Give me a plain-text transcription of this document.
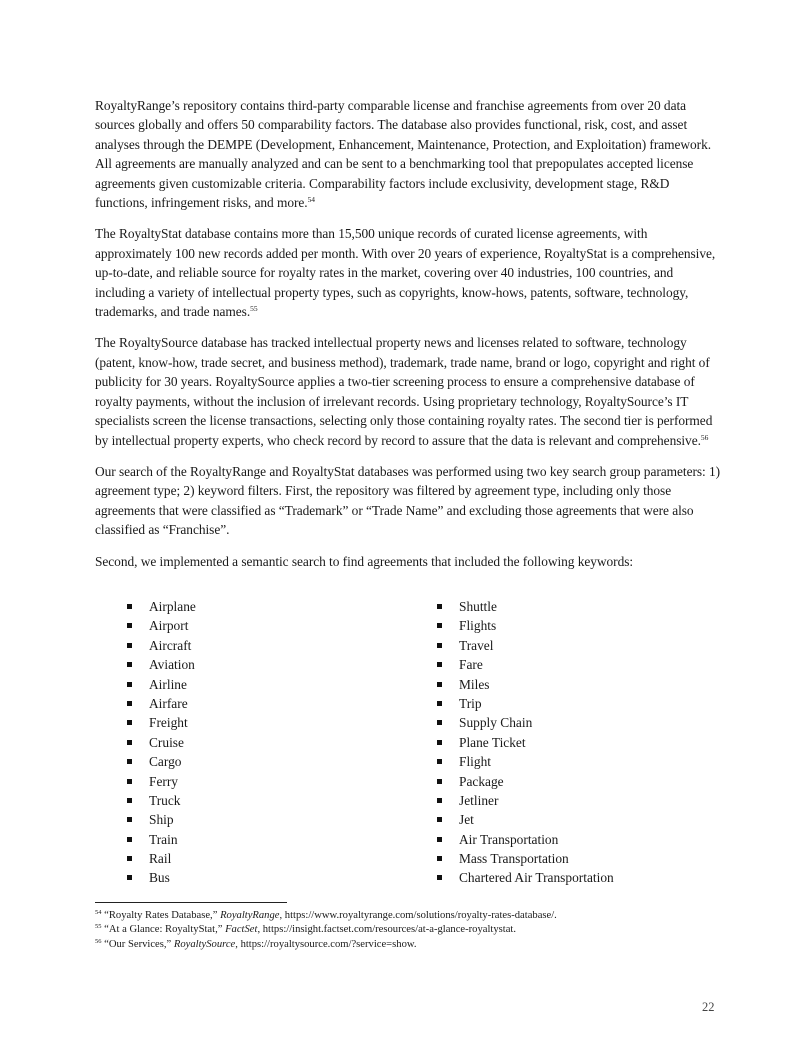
RoyaltyRange’s repository contains third-party comparable license and franchise agreements from over 20 data sources globally and offers 50 comparability factors. The database also provides functional, risk, cost, and asset analyses through the DEMPE (Development, Enhancement, Maintenance, Protection, and Exploitation) framework. All agreements are manually analyzed and can be sent to a benchmarking tool that prepopulates accepted license agreements given customizable criteria. Comparability factors include exclusivity, development stage, R&D functions, infringement risks, and more.$^{54}$

The RoyaltyStat database contains more than 15,500 unique records of curated license agreements, with approximately 100 new records added per month. With over 20 years of experience, RoyaltyStat is a comprehensive, up-to-date, and reliable source for royalty rates in the market, covering over 40 industries, 100 countries, and including a variety of intellectual property types, such as copyrights, know-hows, patents, software, technology, trademarks, and trade names.$^{55}$

The RoyaltySource database has tracked intellectual property news and licenses related to software, technology (patent, know-how, trade secret, and business method), trademark, trade name, brand or logo, copyright and right of publicity for 30 years. RoyaltySource applies a two-tier screening process to ensure a comprehensive database of royalty payments, without the inclusion of irrelevant records. Using proprietary technology, RoyaltySource’s IT specialists screen the license transactions, selecting only those containing royalty rates. The second tier is performed by intellectual property experts, who check record by record to assure that the data is relevant and comprehensive.$^{56}$

Our search of the RoyaltyRange and RoyaltyStat databases was performed using two key search group parameters: 1) agreement type; 2) keyword filters. First, the repository was filtered by agreement type, including only those agreements that were classified as “Trademark” or “Trade Name” and excluding those agreements that were also classified as “Franchise”.

Second, we implemented a semantic search to find agreements that included the following keywords:

Airplane
Airport
Aircraft
Aviation
Airline
Airfare
Freight
Cruise
Cargo
Ferry
Truck
Ship
Train
Rail
Bus
Shuttle
Flights
Travel
Fare
Miles
Trip
Supply Chain
Plane Ticket
Flight
Package
Jetliner
Jet
Air Transportation
Mass Transportation
Chartered Air Transportation
$^{54}$ “Royalty Rates Database,” RoyaltyRange, https://www.royaltyrange.com/solutions/royalty-rates-database/.
$^{55}$ “At a Glance: RoyaltyStat,” FactSet, https://insight.factset.com/resources/at-a-glance-royaltystat.
$^{56}$ “Our Services,” RoyaltySource, https://royaltysource.com/?service=show.
22
